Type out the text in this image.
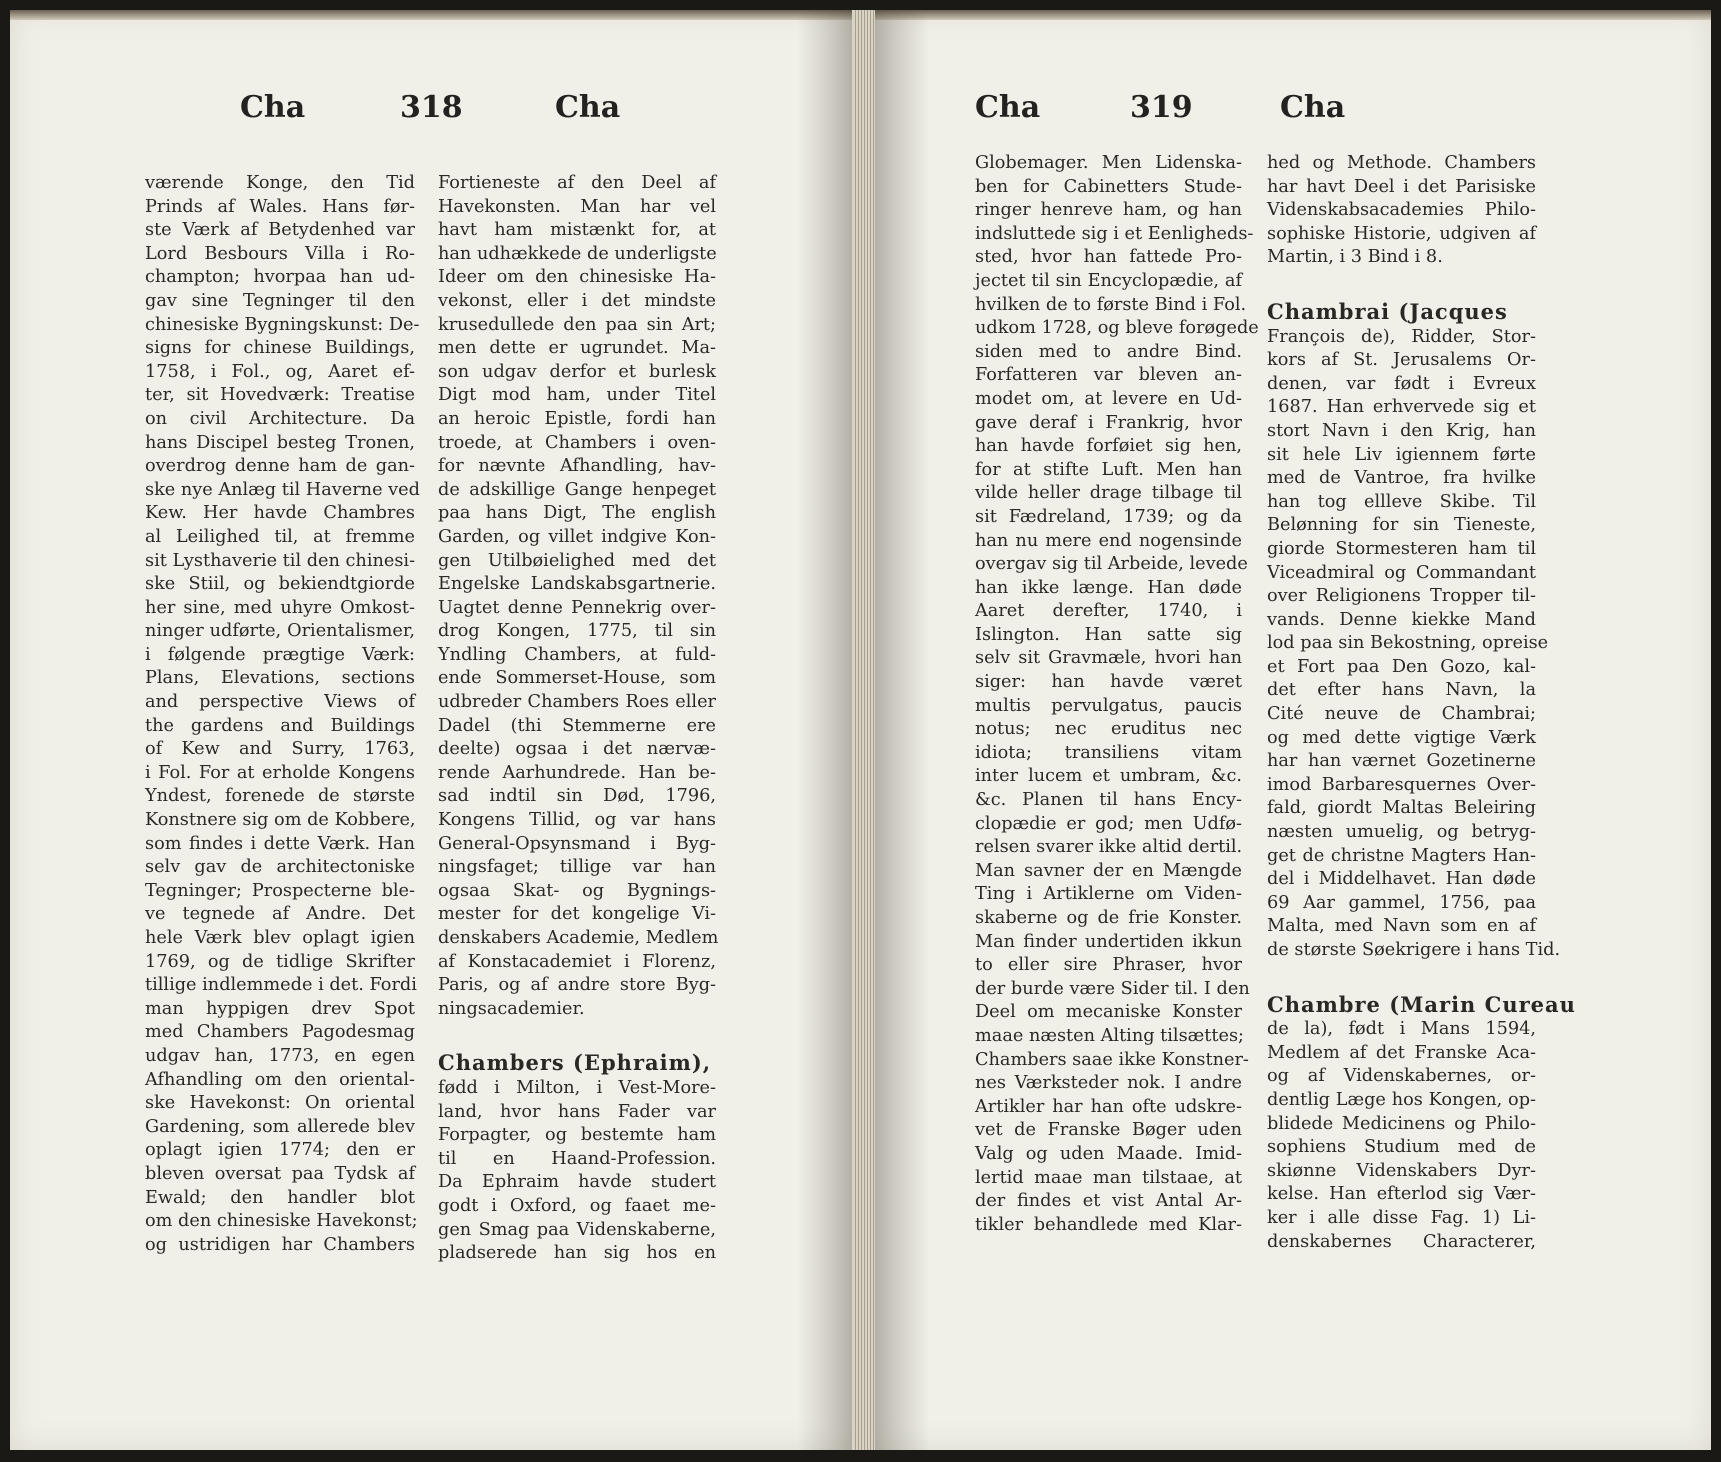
Cha	318	Cha
værende Konge, den Tid
Prinds af Wales. Hans før-
ste Værk af Betydenhed var
Lord Besbours Villa i Ro-
champton; hvorpaa han ud-
gav sine Tegninger til den
chinesiske Bygningskunst: De-
signs for chinese Buildings,
1758, i Fol., og, Aaret ef-
ter, sit Hovedværk: Treatise
on civil Architecture. Da
hans Discipel besteg Tronen,
overdrog denne ham de gan-
ske nye Anlæg til Haverne ved
Kew. Her havde Chambres
al Leilighed til, at fremme
sit Lysthaverie til den chinesi-
ske Stiil, og bekiendtgiorde
her sine, med uhyre Omkost-
ninger udførte, Orientalismer,
i følgende prægtige Værk:
Plans, Elevations, sections
and perspective Views of
the gardens and Buildings
of Kew and Surry, 1763,
i Fol. For at erholde Kongens
Yndest, forenede de største
Konstnere sig om de Kobbere,
som findes i dette Værk. Han
selv gav de architectoniske
Tegninger; Prospecterne ble-
ve tegnede af Andre. Det
hele Værk blev oplagt igien
1769, og de tidlige Skrifter
tillige indlemmede i det. Fordi
man hyppigen drev Spot
med Chambers Pagodesmag
udgav han, 1773, en egen
Afhandling om den oriental-
ske Havekonst: On oriental
Gardening, som allerede blev
oplagt igien 1774; den er
bleven oversat paa Tydsk af
Ewald; den handler blot
om den chinesiske Havekonst;
og ustridigen har Chambers
Fortieneste af den Deel af
Havekonsten. Man har vel
havt ham mistænkt for, at
han udhækkede de underligste
Ideer om den chinesiske Ha-
vekonst, eller i det mindste
krusedullede den paa sin Art;
men dette er ugrundet. Ma-
son udgav derfor et burlesk
Digt mod ham, under Titel
an heroic Epistle, fordi han
troede, at Chambers i oven-
for nævnte Afhandling, hav-
de adskillige Gange henpeget
paa hans Digt, The english
Garden, og villet indgive Kon-
gen Utilbøielighed med det
Engelske Landskabsgartnerie.
Uagtet denne Pennekrig over-
drog Kongen, 1775, til sin
Yndling Chambers, at fuld-
ende Sommerset-House, som
udbreder Chambers Roes eller
Dadel (thi Stemmerne ere
deelte) ogsaa i det nærvæ-
rende Aarhundrede. Han be-
sad indtil sin Død, 1796,
Kongens Tillid, og var hans
General-Opsynsmand i Byg-
ningsfaget; tillige var han
ogsaa Skat- og Bygnings-
mester for det kongelige Vi-
denskabers Academie, Medlem
af Konstacademiet i Florenz,
Paris, og af andre store Byg-
ningsacademier.
Chambers (Ephraim),
fødd i Milton, i Vest-More-
land, hvor hans Fader var
Forpagter, og bestemte ham
til en Haand-Profession.
Da Ephraim havde studert
godt i Oxford, og faaet me-
gen Smag paa Videnskaberne,
pladserede han sig hos en
Cha	319	Cha
Globemager. Men Lidenska-
ben for Cabinetters Stude-
ringer henreve ham, og han
indsluttede sig i et Eenligheds-
sted, hvor han fattede Pro-
jectet til sin Encyclopædie, af
hvilken de to første Bind i Fol.
udkom 1728, og bleve forøgede
siden med to andre Bind.
Forfatteren var bleven an-
modet om, at levere en Ud-
gave deraf i Frankrig, hvor
han havde forføiet sig hen,
for at stifte Luft. Men han
vilde heller drage tilbage til
sit Fædreland, 1739; og da
han nu mere end nogensinde
overgav sig til Arbeide, levede
han ikke længe. Han døde
Aaret derefter, 1740, i
Islington. Han satte sig
selv sit Gravmæle, hvori han
siger: han havde været
multis pervulgatus, paucis
notus; nec eruditus nec
idiota; transiliens vitam
inter lucem et umbram, &c.
&c. Planen til hans Ency-
clopædie er god; men Udfø-
relsen svarer ikke altid dertil.
Man savner der en Mængde
Ting i Artiklerne om Viden-
skaberne og de frie Konster.
Man finder undertiden ikkun
to eller sire Phraser, hvor
der burde være Sider til. I den
Deel om mecaniske Konster
maae næsten Alting tilsættes;
Chambers saae ikke Konstner-
nes Værksteder nok. I andre
Artikler har han ofte udskre-
vet de Franske Bøger uden
Valg og uden Maade. Imid-
lertid maae man tilstaae, at
der findes et vist Antal Ar-
tikler behandlede med Klar-
hed og Methode. Chambers
har havt Deel i det Parisiske
Videnskabsacademies Philo-
sophiske Historie, udgiven af
Martin, i 3 Bind i 8.
Chambrai (Jacques
François de), Ridder, Stor-
kors af St. Jerusalems Or-
denen, var født i Evreux
1687. Han erhvervede sig et
stort Navn i den Krig, han
sit hele Liv igiennem førte
med de Vantroe, fra hvilke
han tog ellleve Skibe. Til
Belønning for sin Tieneste,
giorde Stormesteren ham til
Viceadmiral og Commandant
over Religionens Tropper til-
vands. Denne kiekke Mand
lod paa sin Bekostning, opreise
et Fort paa Den Gozo, kal-
det efter hans Navn, la
Cité neuve de Chambrai;
og med dette vigtige Værk
har han værnet Gozetinerne
imod Barbaresquernes Over-
fald, giordt Maltas Beleiring
næsten umuelig, og betryg-
get de christne Magters Han-
del i Middelhavet. Han døde
69 Aar gammel, 1756, paa
Malta, med Navn som en af
de største Søekrigere i hans Tid.
Chambre (Marin Cureau
de la), født i Mans 1594,
Medlem af det Franske Aca-
og af Videnskabernes, or-
dentlig Læge hos Kongen, op-
blidede Medicinens og Philo-
sophiens Studium med de
skiønne Videnskabers Dyr-
kelse. Han efterlod sig Vær-
ker i alle disse Fag. 1) Li-
denskabernes Characterer,
